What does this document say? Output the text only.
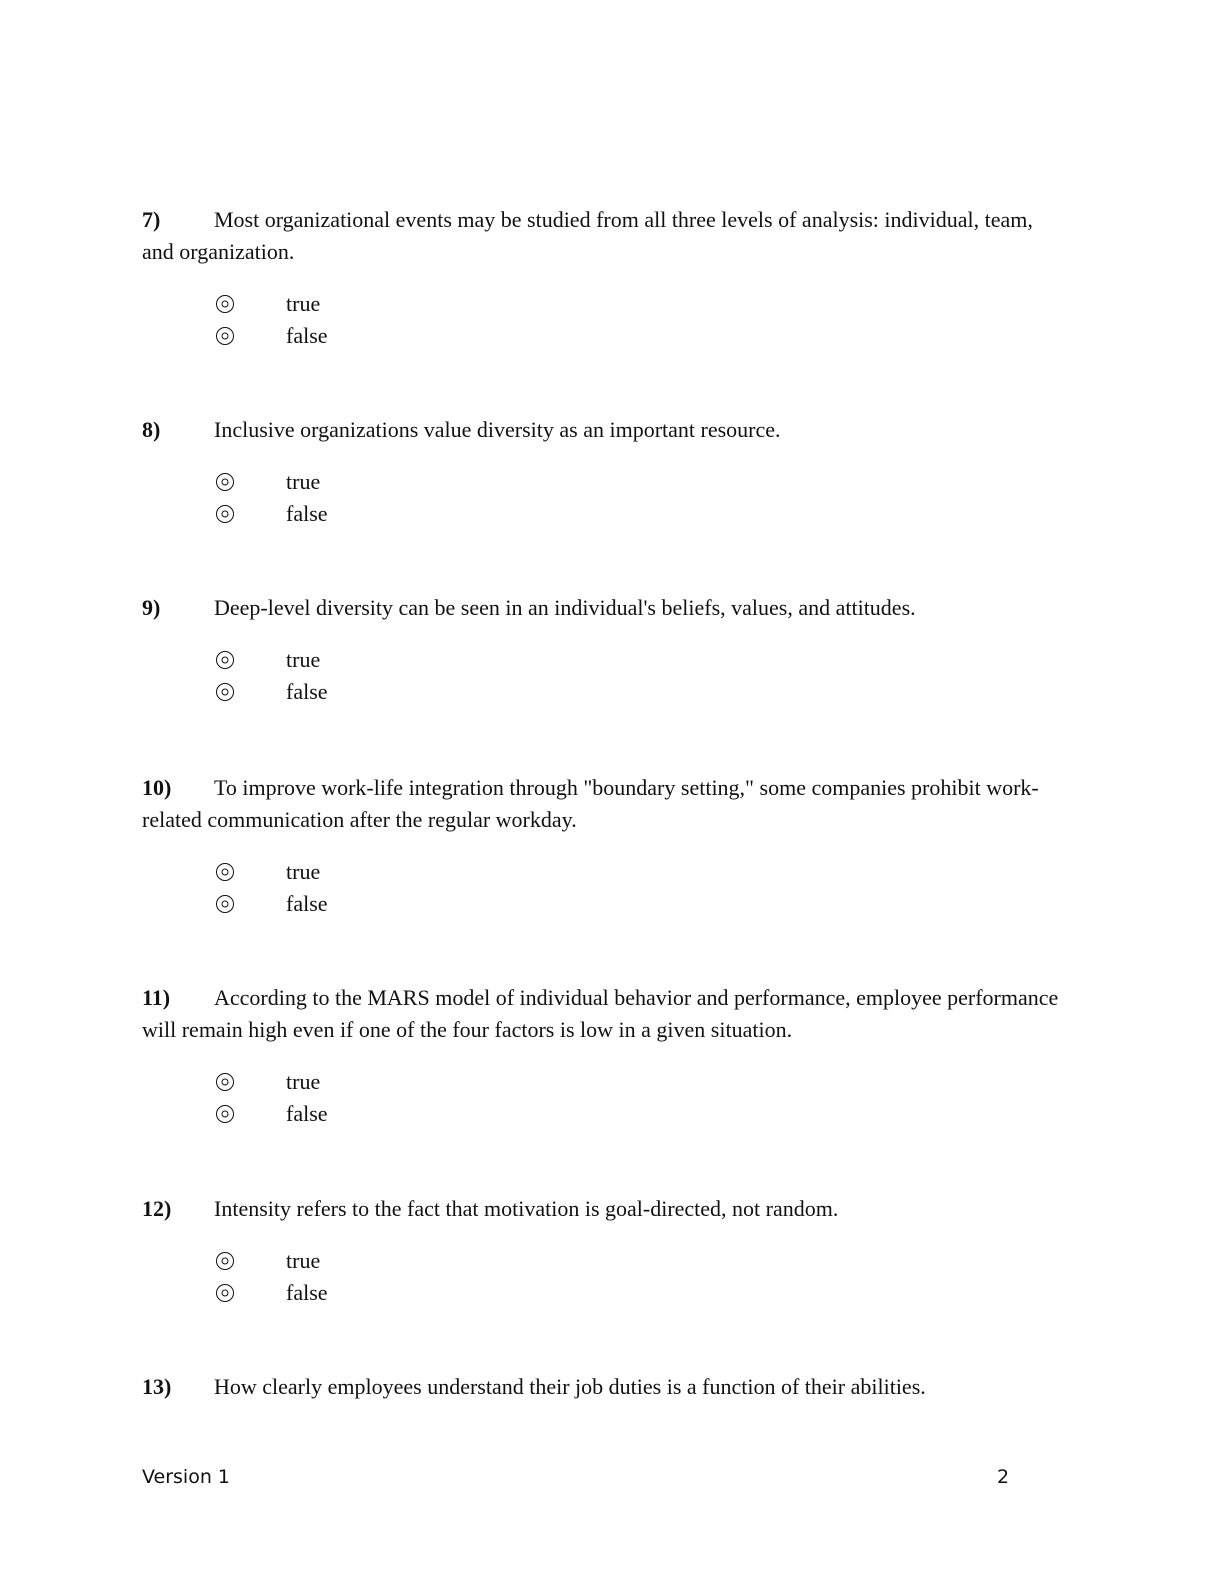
7) Most organizational events may be studied from all three levels of analysis: individual, team, and organization.

true
false

8) Inclusive organizations value diversity as an important resource.

true
false

9) Deep-level diversity can be seen in an individual's beliefs, values, and attitudes.

true
false

10) To improve work-life integration through "boundary setting," some companies prohibit work-related communication after the regular workday.

true
false

11) According to the MARS model of individual behavior and performance, employee performance will remain high even if one of the four factors is low in a given situation.

true
false

12) Intensity refers to the fact that motivation is goal-directed, not random.

true
false

13) How clearly employees understand their job duties is a function of their abilities.

Version 1	2
